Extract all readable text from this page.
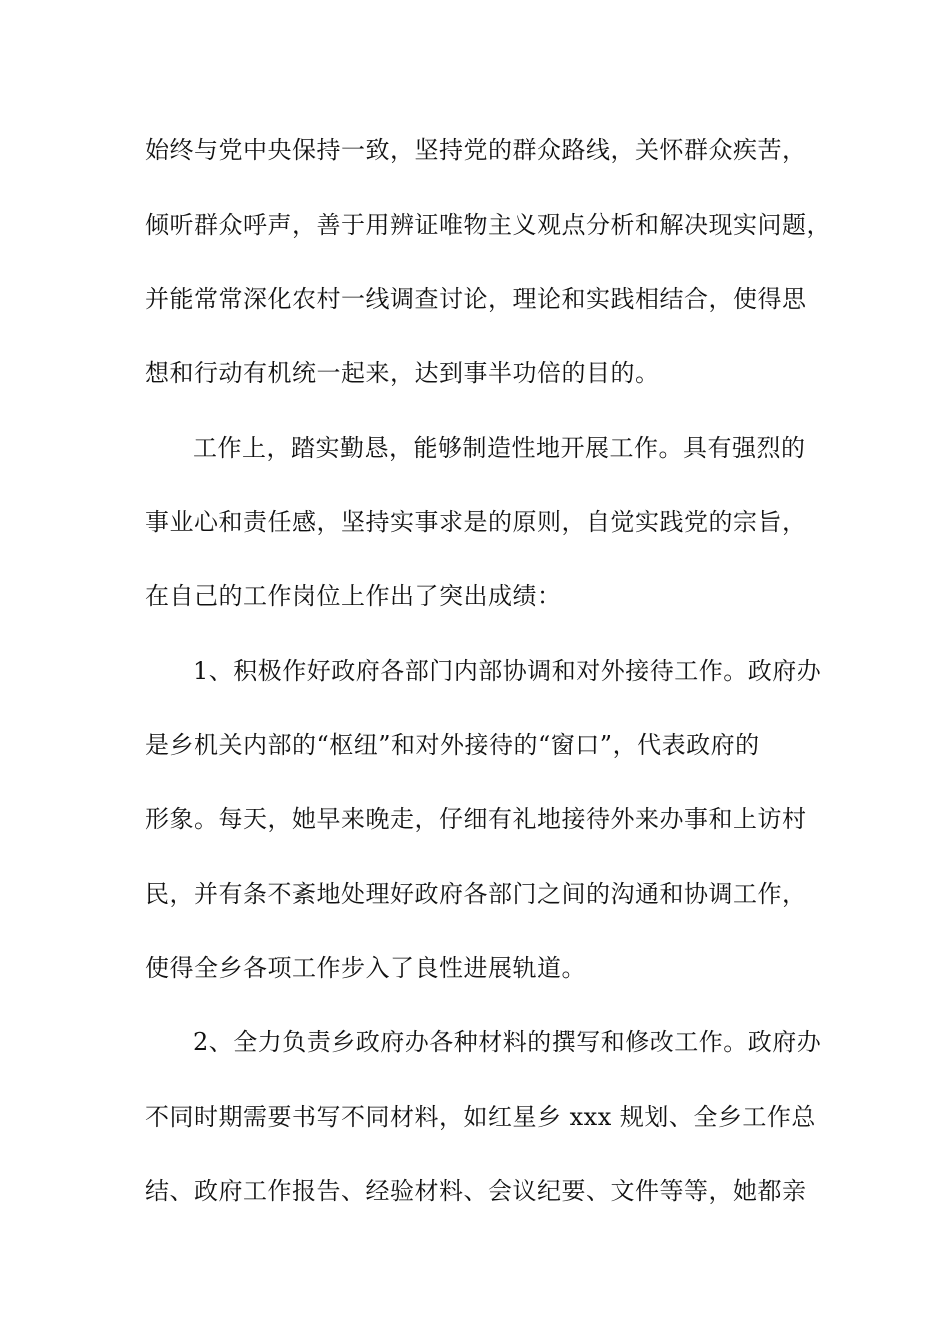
始终与党中央保持一致，坚持党的群众路线，关怀群众疾苦，
倾听群众呼声，善于用辨证唯物主义观点分析和解决现实问题，
并能常常深化农村一线调查讨论，理论和实践相结合，使得思
想和行动有机统一起来，达到事半功倍的目的。
工作上，踏实勤恳，能够制造性地开展工作。具有强烈的
事业心和责任感，坚持实事求是的原则，自觉实践党的宗旨，
在自己的工作岗位上作出了突出成绩：
1、积极作好政府各部门内部协调和对外接待工作。政府办
是乡机关内部的“枢纽”和对外接待的“窗口”，代表政府的
形象。每天，她早来晚走，仔细有礼地接待外来办事和上访村
民，并有条不紊地处理好政府各部门之间的沟通和协调工作，
使得全乡各项工作步入了良性进展轨道。
2、全力负责乡政府办各种材料的撰写和修改工作。政府办
不同时期需要书写不同材料，如红星乡 xxx 规划、全乡工作总
结、政府工作报告、经验材料、会议纪要、文件等等，她都亲
